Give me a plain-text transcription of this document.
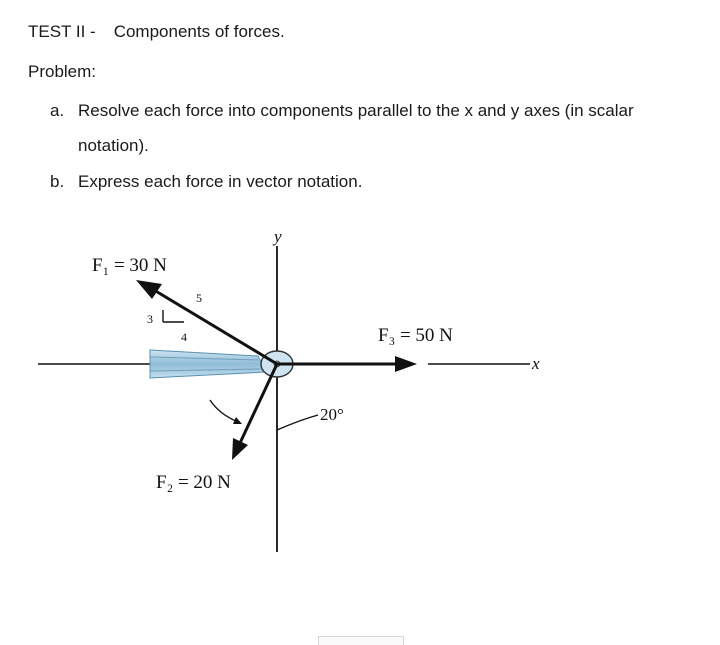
TEST II - Components of forces.
Problem:
a. Resolve each force into components parallel to the x and y axes (in scalar
notation).
b. Express each force in vector notation.
y
x
3
4
5
F₁ = 30 N
F₃ = 50 N
F₂ = 20 N
20°
